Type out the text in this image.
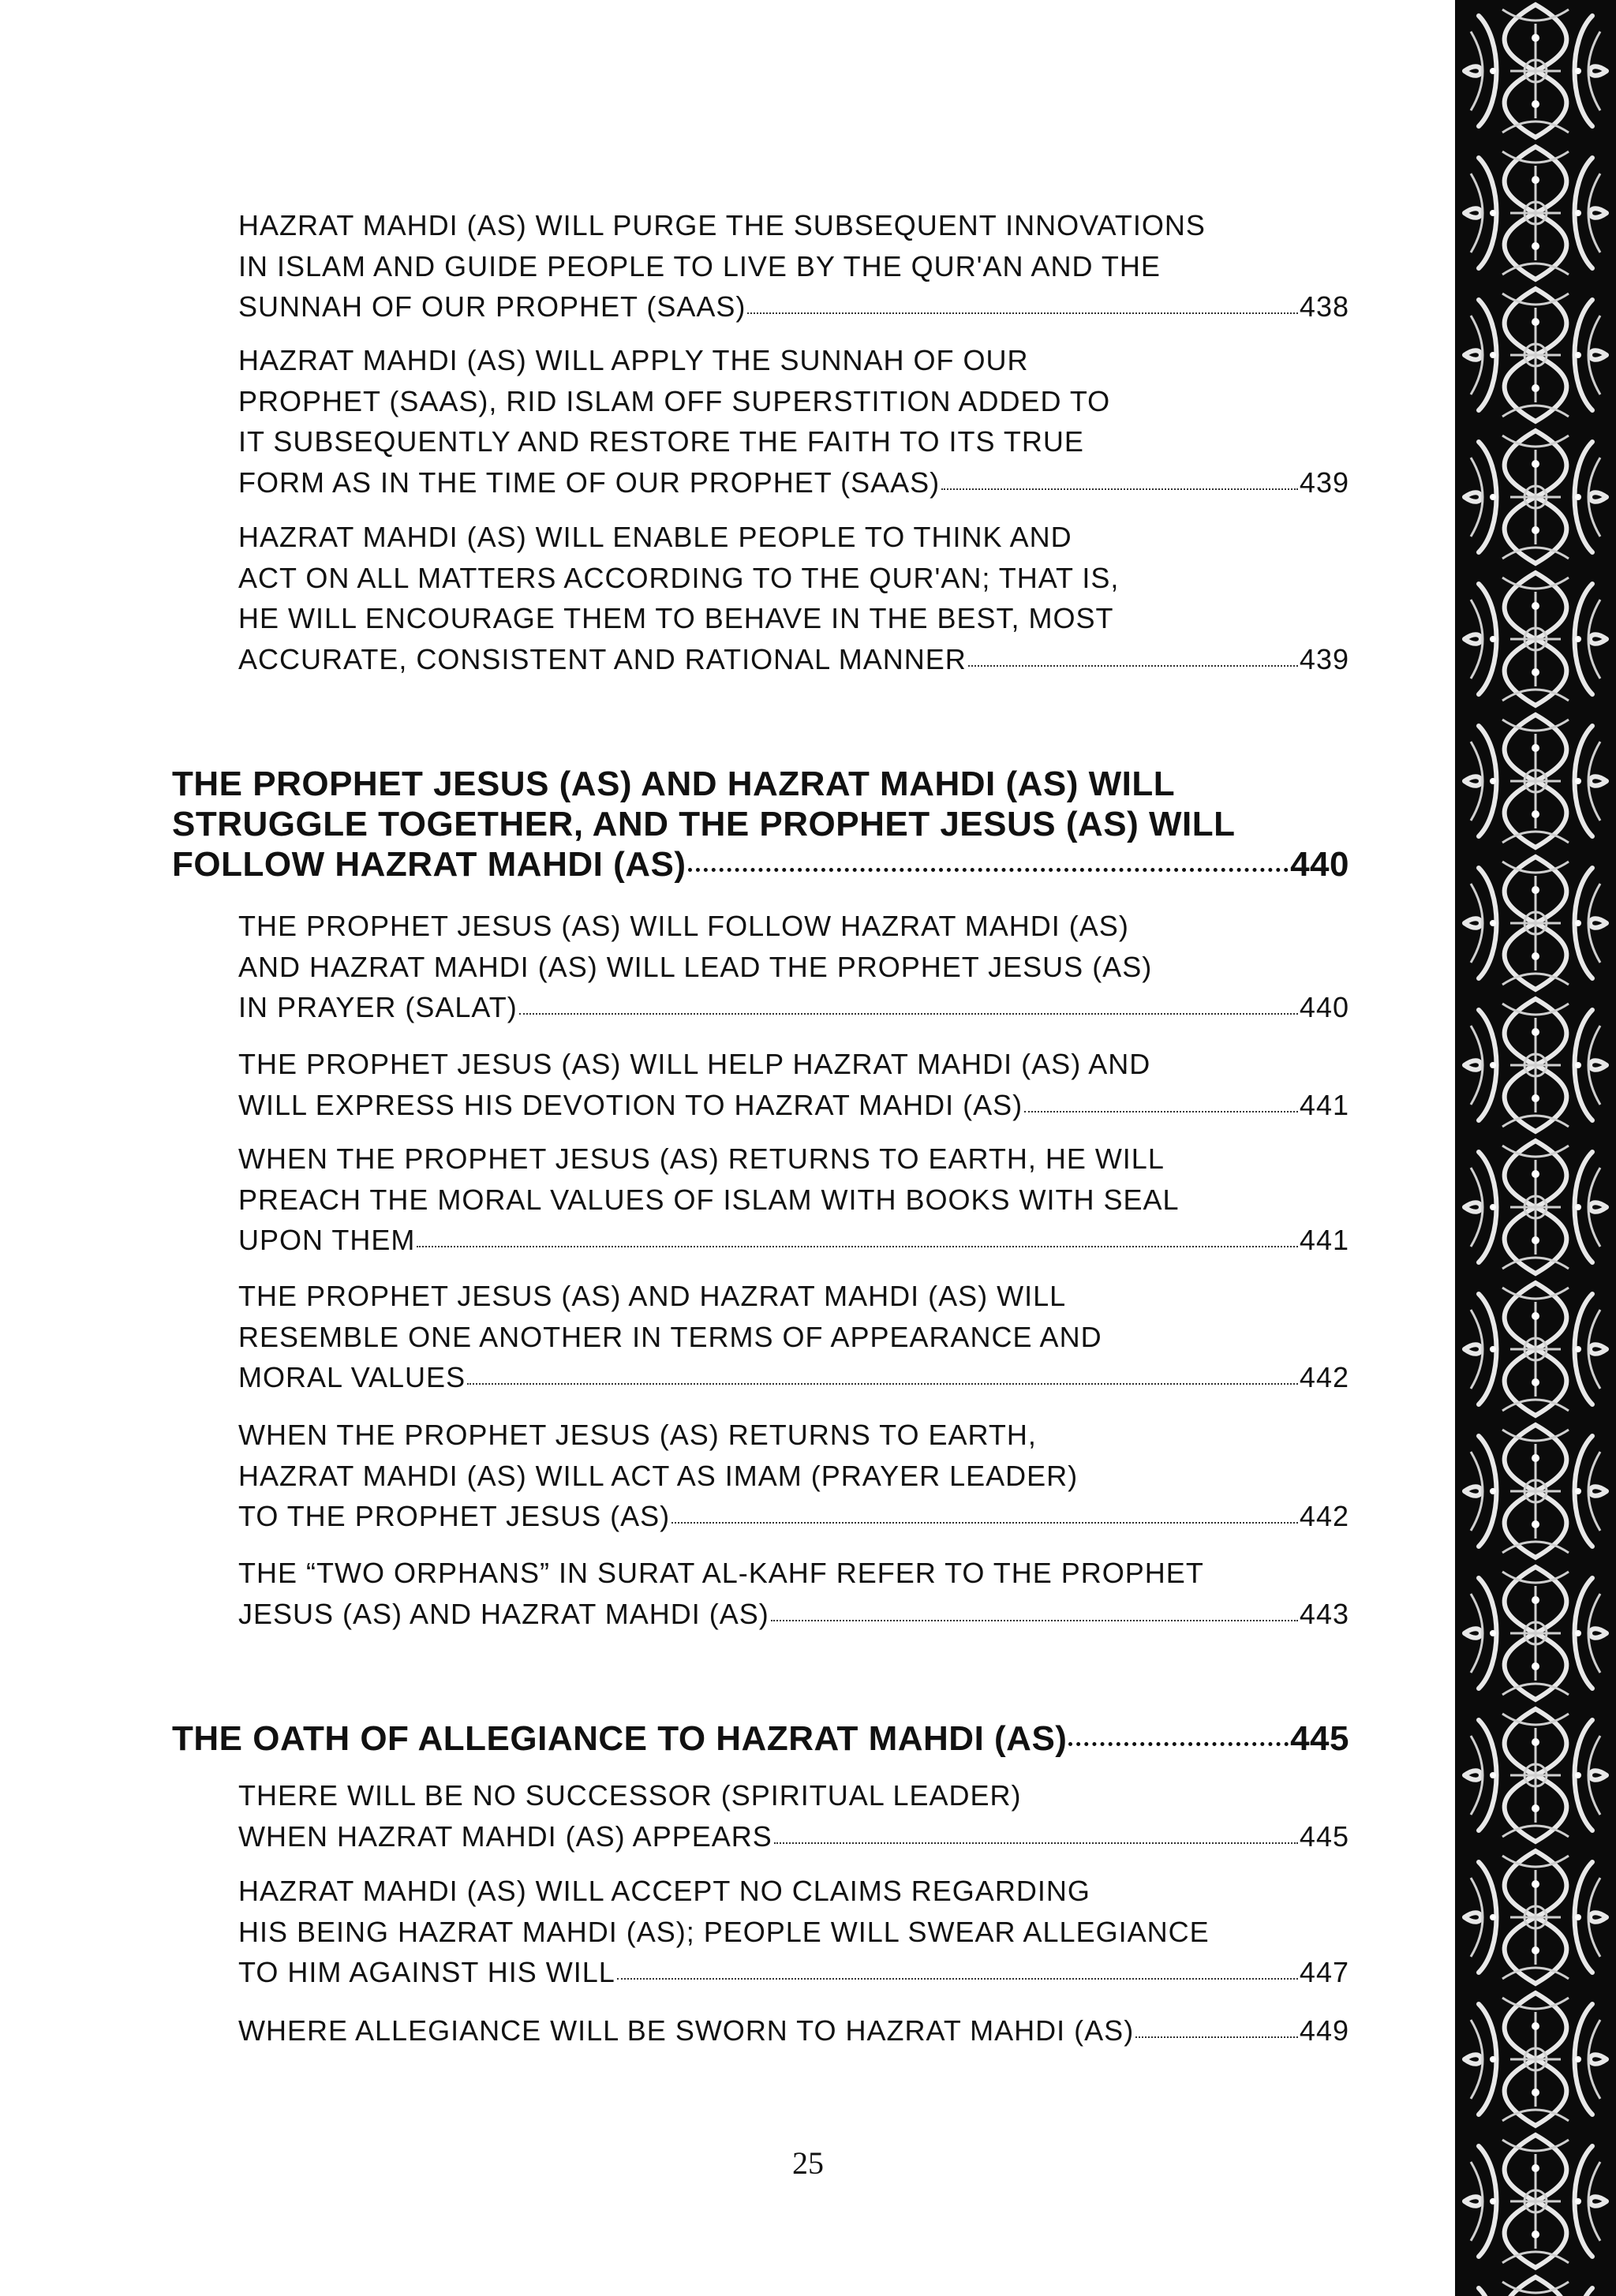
HAZRAT MAHDI (AS) WILL PURGE THE SUBSEQUENT INNOVATIONS
IN ISLAM AND GUIDE PEOPLE TO LIVE BY THE QUR'AN AND THE
SUNNAH OF OUR PROPHET (SAAS)	438
HAZRAT MAHDI (AS) WILL APPLY THE SUNNAH OF OUR
PROPHET (SAAS), RID ISLAM OFF SUPERSTITION ADDED TO
IT SUBSEQUENTLY AND RESTORE THE FAITH TO ITS TRUE
FORM AS IN THE TIME OF OUR PROPHET (SAAS)	439
HAZRAT MAHDI (AS) WILL ENABLE PEOPLE TO THINK AND
ACT ON ALL MATTERS ACCORDING TO THE QUR'AN; THAT IS,
HE WILL ENCOURAGE THEM TO BEHAVE IN THE BEST, MOST
ACCURATE, CONSISTENT AND RATIONAL MANNER	439
THE PROPHET JESUS (AS) AND HAZRAT MAHDI (AS) WILL
STRUGGLE TOGETHER, AND THE PROPHET JESUS (AS) WILL
FOLLOW HAZRAT MAHDI (AS)	440
THE PROPHET JESUS (AS) WILL FOLLOW HAZRAT MAHDI (AS)
AND HAZRAT MAHDI (AS) WILL LEAD THE PROPHET JESUS (AS)
IN PRAYER (SALAT)	440
THE PROPHET JESUS (AS) WILL HELP HAZRAT MAHDI (AS) AND
WILL EXPRESS HIS DEVOTION TO HAZRAT MAHDI (AS)	441
WHEN THE PROPHET JESUS (AS) RETURNS TO EARTH, HE WILL
PREACH THE MORAL VALUES OF ISLAM WITH BOOKS WITH SEAL
UPON THEM	441
THE PROPHET JESUS (AS) AND HAZRAT MAHDI (AS) WILL
RESEMBLE ONE ANOTHER IN TERMS OF APPEARANCE AND
MORAL VALUES	442
WHEN THE PROPHET JESUS (AS) RETURNS TO EARTH,
HAZRAT MAHDI (AS) WILL ACT AS IMAM (PRAYER LEADER)
TO THE PROPHET JESUS (AS)	442
THE “TWO ORPHANS” IN SURAT AL-KAHF REFER TO THE PROPHET
JESUS (AS) AND HAZRAT MAHDI (AS)	443
THE OATH OF ALLEGIANCE TO HAZRAT MAHDI (AS)	445
THERE WILL BE NO SUCCESSOR (SPIRITUAL LEADER)
WHEN HAZRAT MAHDI (AS) APPEARS	445
HAZRAT MAHDI (AS) WILL ACCEPT NO CLAIMS REGARDING
HIS BEING HAZRAT MAHDI (AS); PEOPLE WILL SWEAR ALLEGIANCE
TO HIM AGAINST HIS WILL	447
WHERE ALLEGIANCE WILL BE SWORN TO HAZRAT MAHDI (AS)	449
25
